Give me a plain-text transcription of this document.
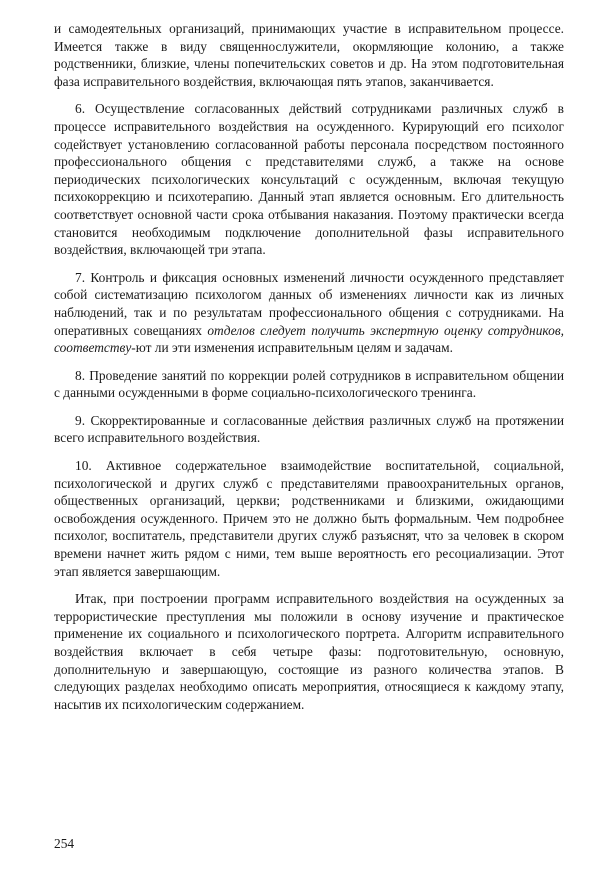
и самодеятельных организаций, принимающих участие в исправительном процессе. Имеется также в виду священнослужители, окормляющие колонию, а также родственники, близкие, члены попечительских советов и др. На этом подготовительная фаза исправительного воздействия, включающая пять этапов, заканчивается.

6. Осуществление согласованных действий сотрудниками различных служб в процессе исправительного воздействия на осужденного. Курирующий его психолог содействует установлению согласованной работы персонала посредством постоянного профессионального общения с представителями служб, а также на основе периодических психологических консультаций с осужденным, включая текущую психокоррекцию и психотерапию. Данный этап является основным. Его длительность соответствует основной части срока отбывания наказания. Поэтому практически всегда становится необходимым подключение дополнительной фазы исправительного воздействия, включающей три этапа.

7. Контроль и фиксация основных изменений личности осужденного представляет собой систематизацию психологом данных об изменениях личности как из личных наблюдений, так и по результатам профессионального общения с сотрудниками. На оперативных совещаниях отделов следует получить экспертную оценку сотрудников, соответству-ют ли эти изменения исправительным целям и задачам.

8. Проведение занятий по коррекции ролей сотрудников в исправительном общении с данными осужденными в форме социально-психологического тренинга.

9. Скорректированные и согласованные действия различных служб на протяжении всего исправительного воздействия.

10. Активное содержательное взаимодействие воспитательной, социальной, психологической и других служб с представителями правоохранительных органов, общественных организаций, церкви; родственниками и близкими, ожидающими освобождения осужденного. Причем это не должно быть формальным. Чем подробнее психолог, воспитатель, представители других служб разъяснят, что за человек в скором времени начнет жить рядом с ними, тем выше вероятность его ресоциализации. Этот этап является завершающим.

Итак, при построении программ исправительного воздействия на осужденных за террористические преступления мы положили в основу изучение и практическое применение их социального и психологического портрета. Алгоритм исправительного воздействия включает в себя четыре фазы: подготовительную, основную, дополнительную и завершающую, состоящие из разного количества этапов. В следующих разделах необходимо описать мероприятия, относящиеся к каждому этапу, насытив их психологическим содержанием.

254
